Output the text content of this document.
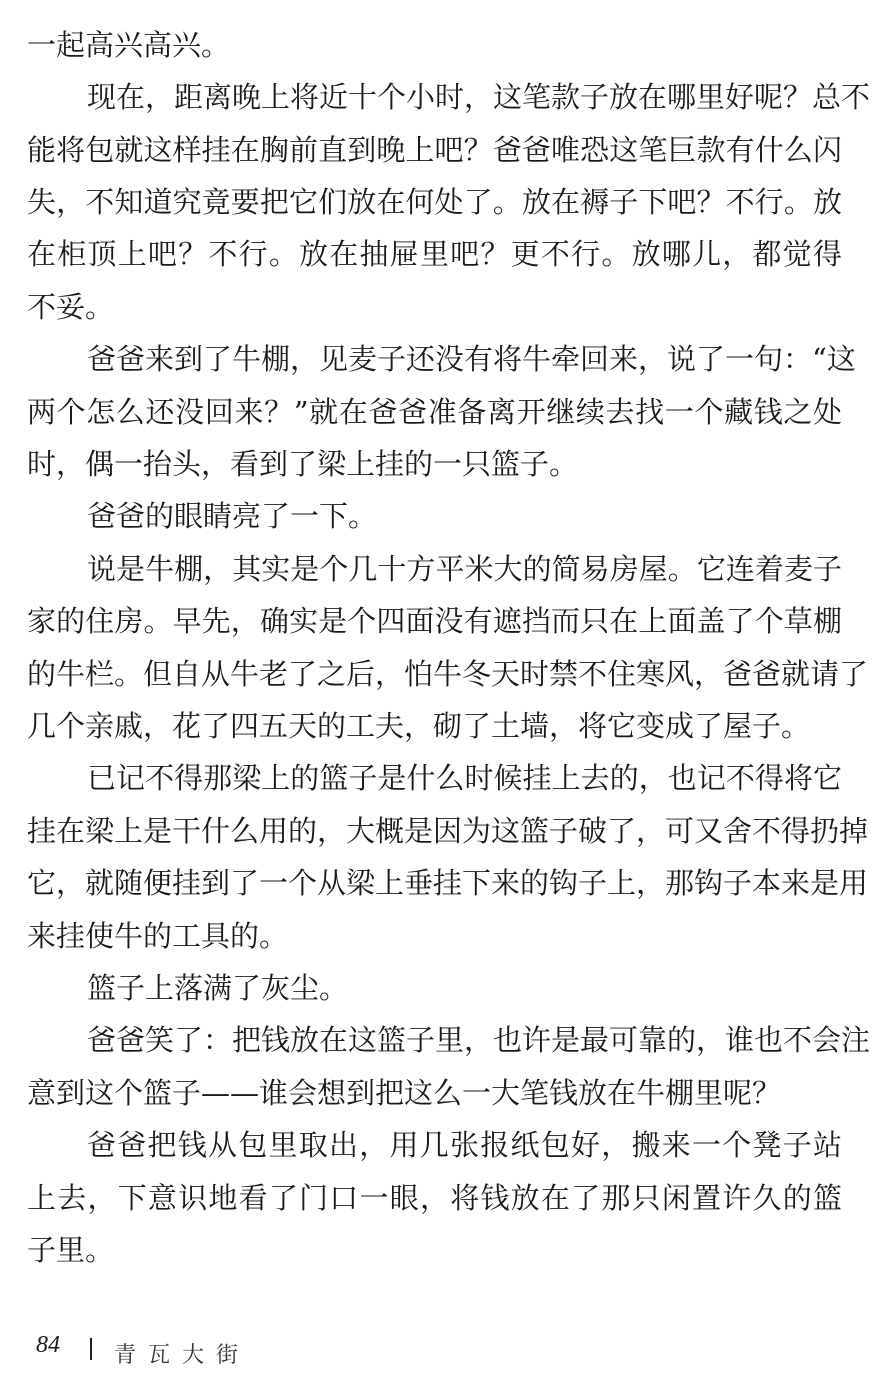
一起高兴高兴。
现在，距离晚上将近十个小时，这笔款子放在哪里好呢？总不
能将包就这样挂在胸前直到晚上吧？爸爸唯恐这笔巨款有什么闪
失，不知道究竟要把它们放在何处了。放在褥子下吧？不行。放
在柜顶上吧？不行。放在抽屉里吧？更不行。放哪儿，都觉得
不妥。
爸爸来到了牛棚，见麦子还没有将牛牵回来，说了一句：“这
两个怎么还没回来？”就在爸爸准备离开继续去找一个藏钱之处
时，偶一抬头，看到了梁上挂的一只篮子。
爸爸的眼睛亮了一下。
说是牛棚，其实是个几十方平米大的简易房屋。它连着麦子
家的住房。早先，确实是个四面没有遮挡而只在上面盖了个草棚
的牛栏。但自从牛老了之后，怕牛冬天时禁不住寒风，爸爸就请了
几个亲戚，花了四五天的工夫，砌了土墙，将它变成了屋子。
已记不得那梁上的篮子是什么时候挂上去的，也记不得将它
挂在梁上是干什么用的，大概是因为这篮子破了，可又舍不得扔掉
它，就随便挂到了一个从梁上垂挂下来的钩子上，那钩子本来是用
来挂使牛的工具的。
篮子上落满了灰尘。
爸爸笑了：把钱放在这篮子里，也许是最可靠的，谁也不会注
意到这个篮子——谁会想到把这么一大笔钱放在牛棚里呢？
爸爸把钱从包里取出，用几张报纸包好，搬来一个凳子站
上去，下意识地看了门口一眼，将钱放在了那只闲置许久的篮
子里。
84 青瓦大街
